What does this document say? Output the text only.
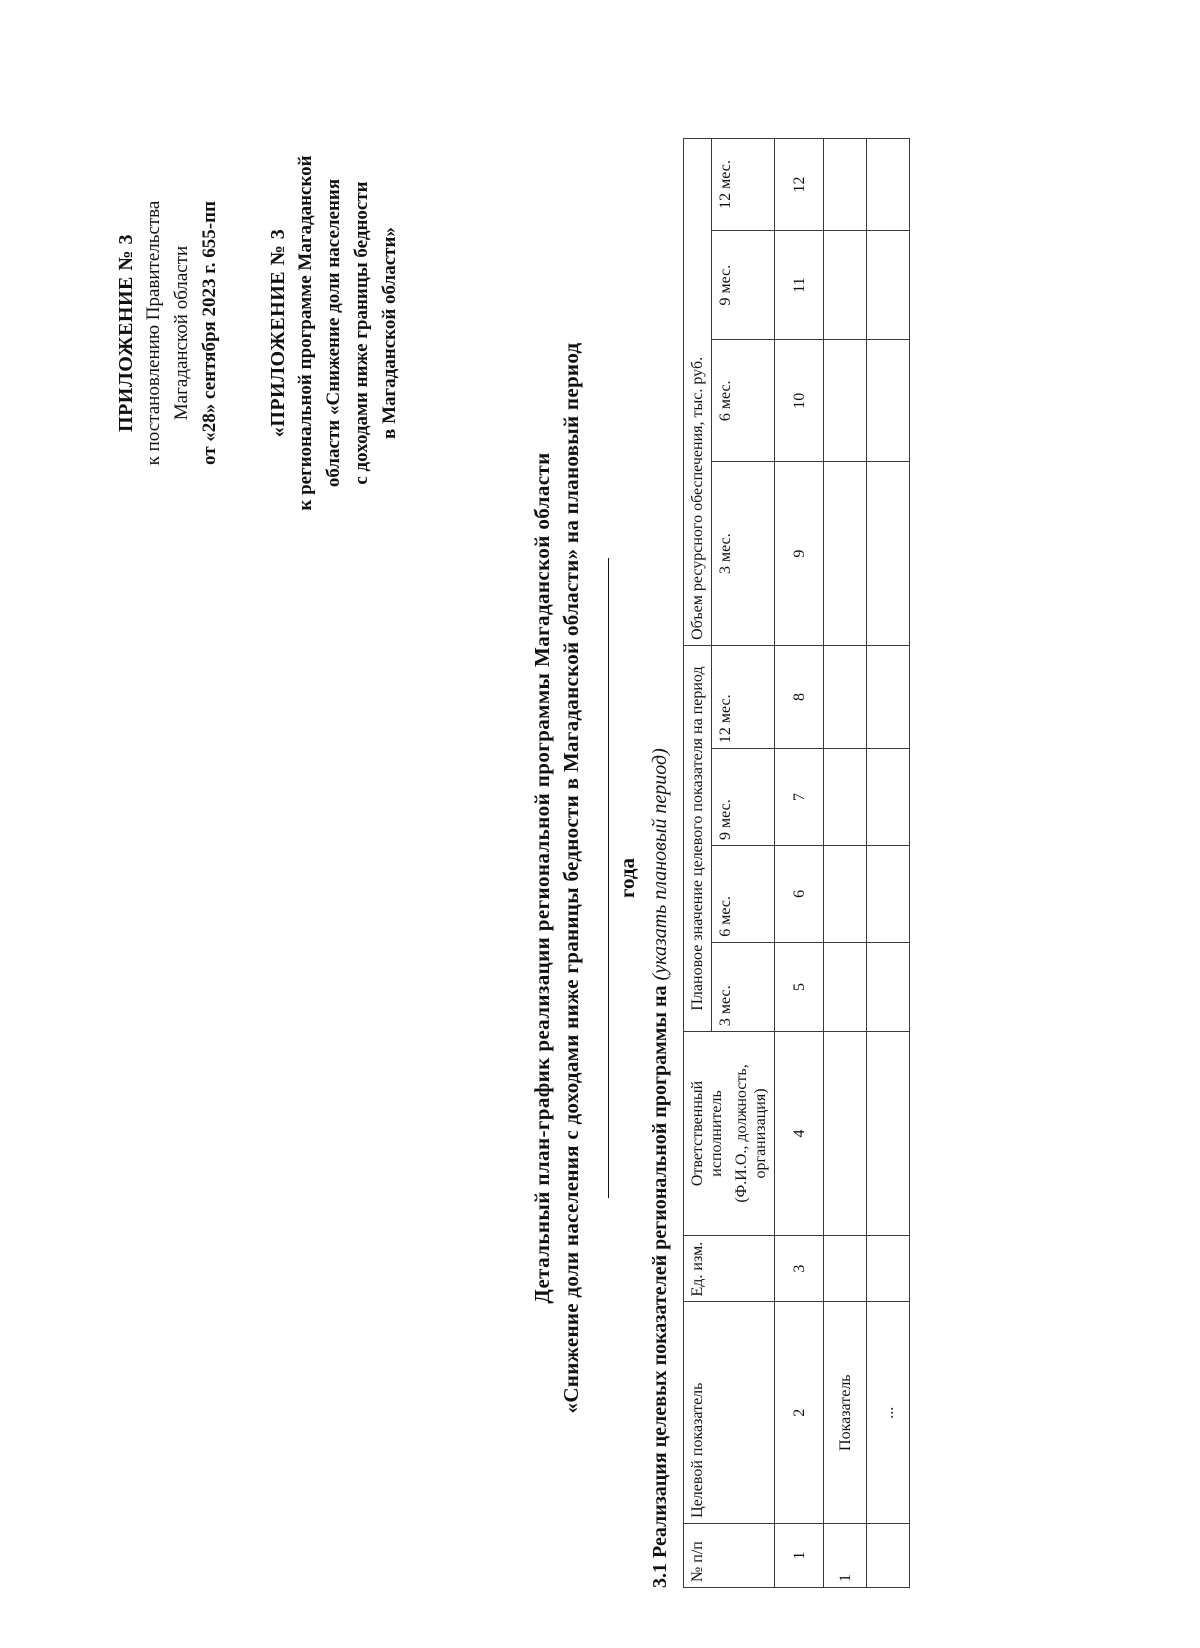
ПРИЛОЖЕНИЕ № 3 к постановлению Правительства Магаданской области от «28» сентября 2023 г. 655-пп «ПРИЛОЖЕНИЕ № 3 к региональной программе Магаданской области «Снижение доли населения с доходами ниже границы бедности в Магаданской области»
Детальный план-график реализации региональной программы Магаданской области «Снижение доли населения с доходами ниже границы бедности в Магаданской области» на плановый период года
3.1 Реализация целевых показателей региональной программы на (указать плановый период)
№ п/п	Целевой показатель	Ед. изм.	Ответственный исполнитель (Ф.И.О., должность, организация)	Плановое значение целевого показателя на период				Объем ресурсного обеспечения, тыс. руб.			
				3 мес.	6 мес.	9 мес.	12 мес.	3 мес.	6 мес.	9 мес.	12 мес.
1	2	3	4	5	6	7	8	9	10	11	12
1	Показатель										
	...										
